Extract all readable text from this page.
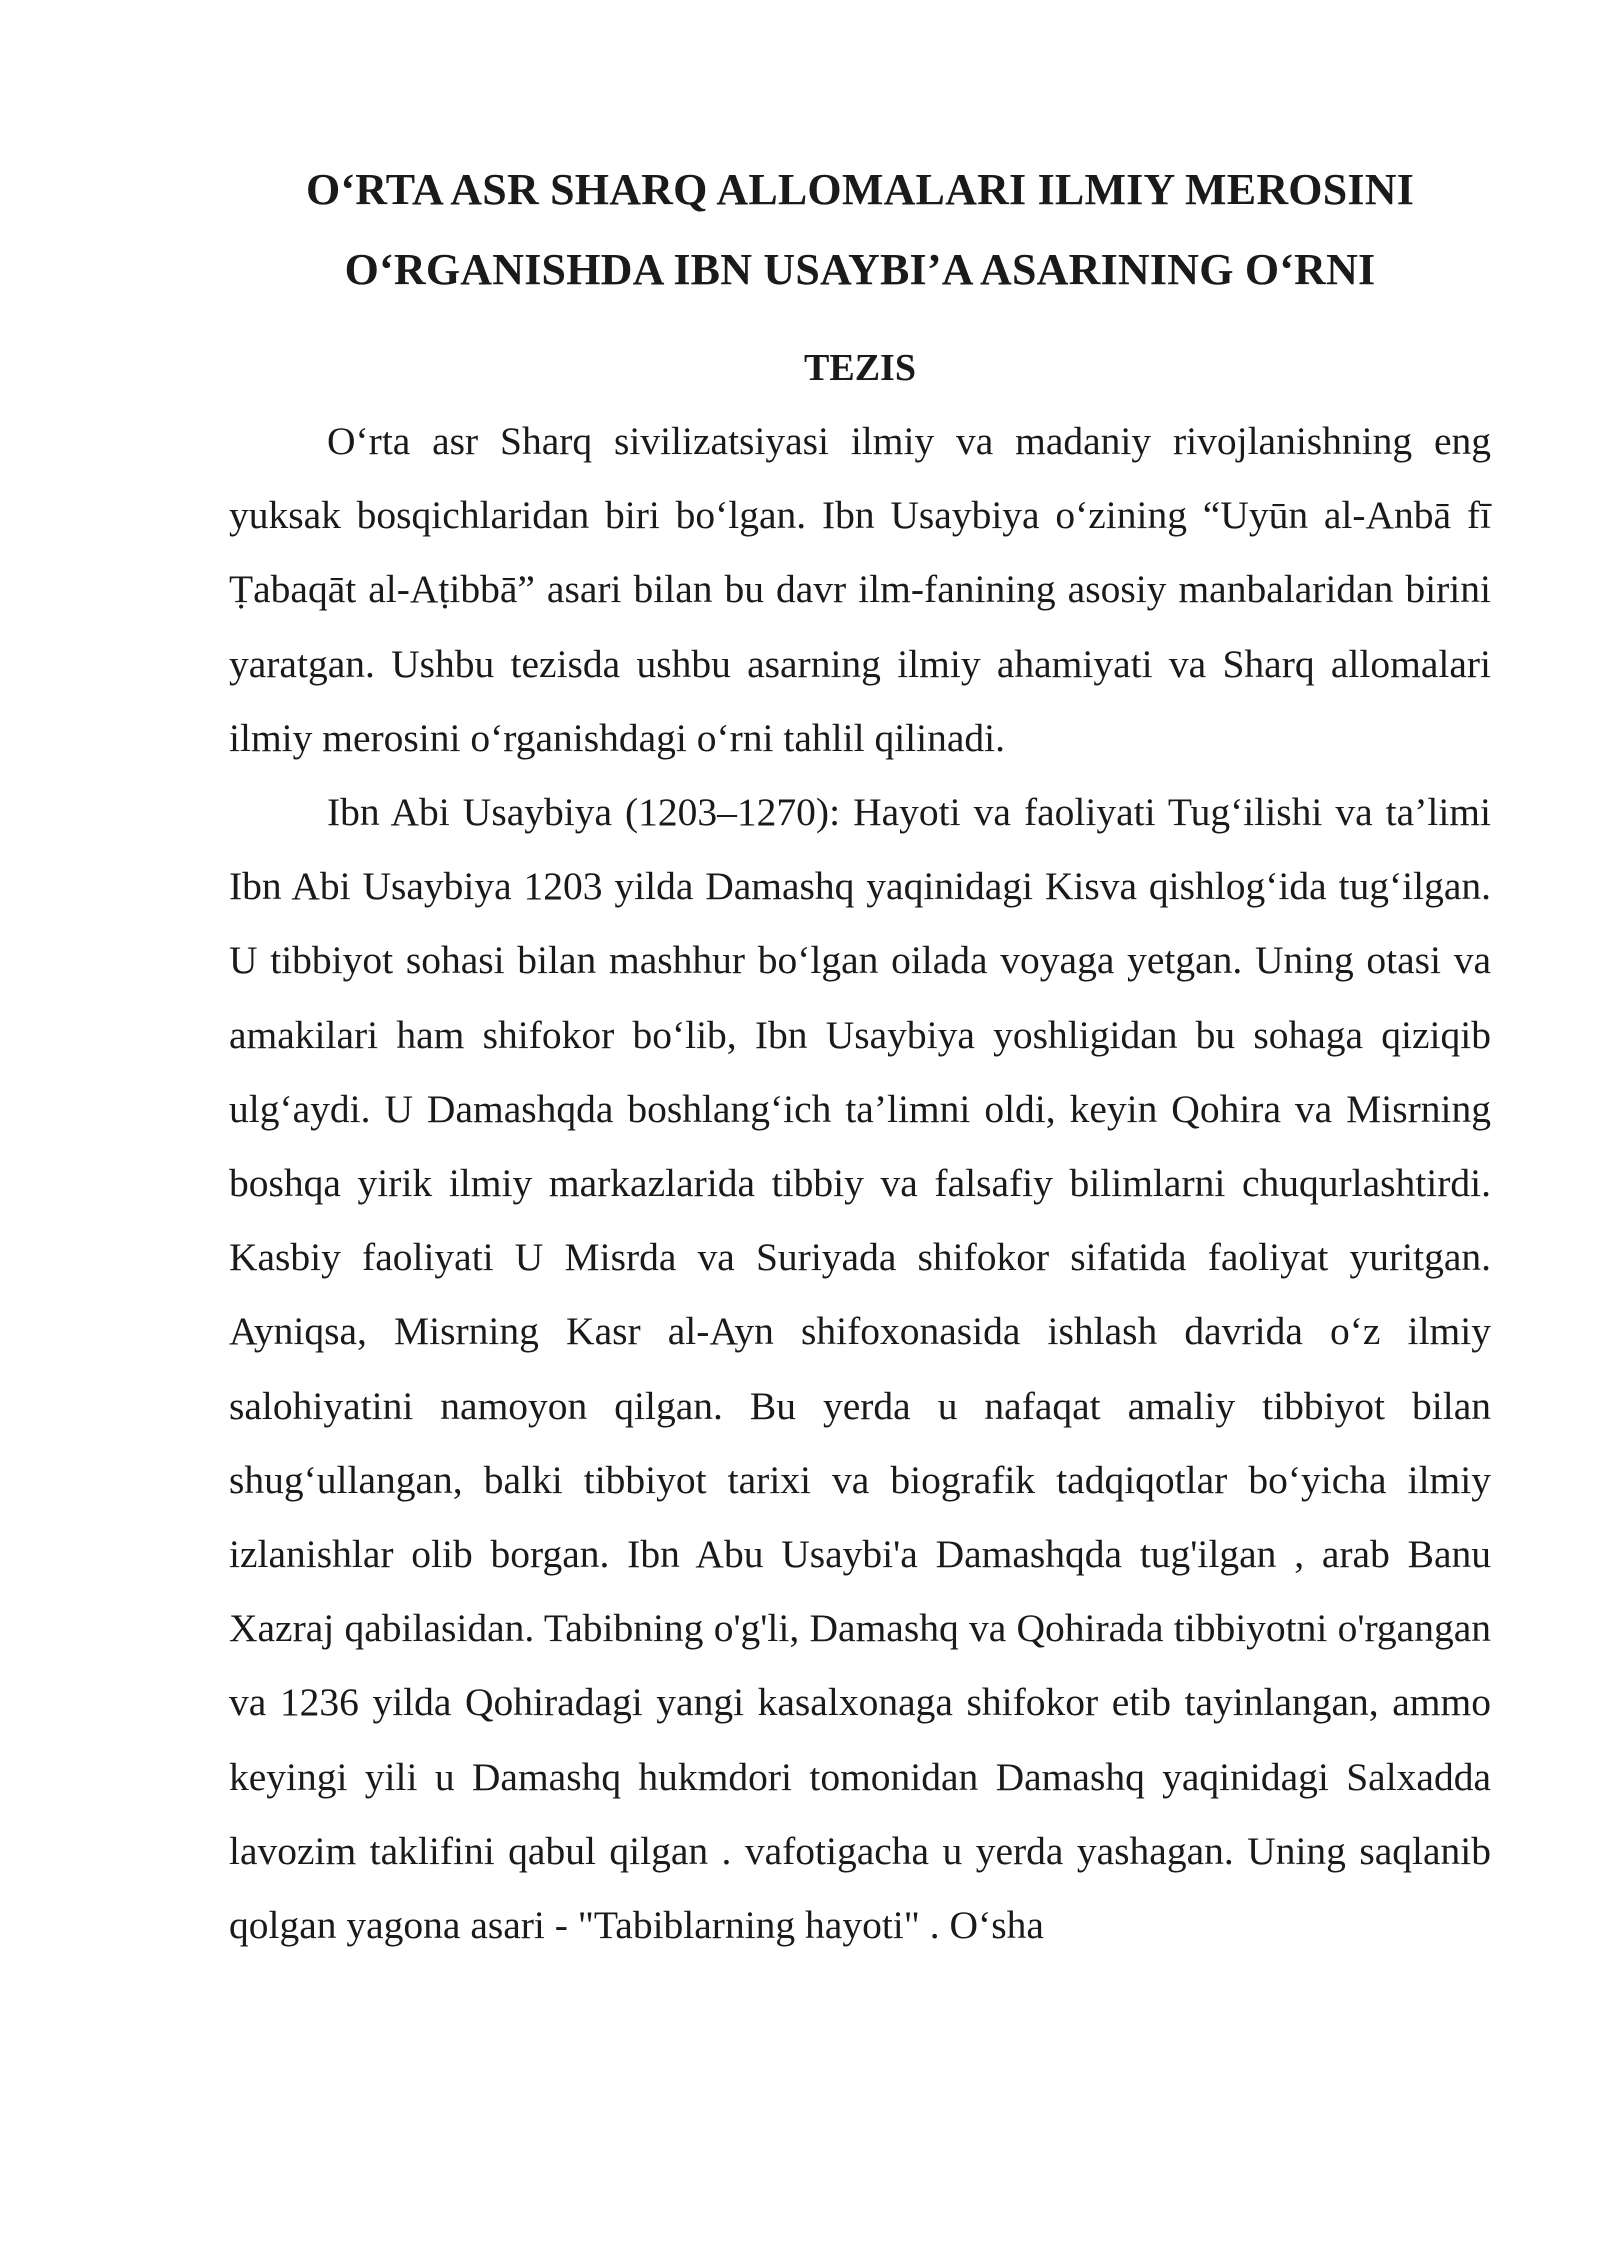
O‘RTA ASR SHARQ ALLOMALARI ILMIY MEROSINI
O‘RGANISHDA IBN USAYBI’A ASARINING O‘RNI
TEZIS

O‘rta asr Sharq sivilizatsiyasi ilmiy va madaniy rivojlanishning eng yuksak bosqichlaridan biri bo‘lgan. Ibn Usaybiya o‘zining “Uyūn al-Anbā fī Ṭabaqāt al-Aṭibbā” asari bilan bu davr ilm-fanining asosiy manbalaridan birini yaratgan. Ushbu tezisda ushbu asarning ilmiy ahamiyati va Sharq allomalari ilmiy merosini o‘rganishdagi o‘rni tahlil qilinadi.

Ibn Abi Usaybiya (1203–1270): Hayoti va faoliyati Tug‘ilishi va ta’limi Ibn Abi Usaybiya 1203 yilda Damashq yaqinidagi Kisva qishlog‘ida tug‘ilgan. U tibbiyot sohasi bilan mashhur bo‘lgan oilada voyaga yetgan. Uning otasi va amakilari ham shifokor bo‘lib, Ibn Usaybiya yoshligidan bu sohaga qiziqib ulg‘aydi. U Damashqda boshlang‘ich ta’limni oldi, keyin Qohira va Misrning boshqa yirik ilmiy markazlarida tibbiy va falsafiy bilimlarni chuqurlashtirdi. Kasbiy faoliyati U Misrda va Suriyada shifokor sifatida faoliyat yuritgan. Ayniqsa, Misrning Kasr al-Ayn shifoxonasida ishlash davrida o‘z ilmiy salohiyatini namoyon qilgan. Bu yerda u nafaqat amaliy tibbiyot bilan shug‘ullangan, balki tibbiyot tarixi va biografik tadqiqotlar bo‘yicha ilmiy izlanishlar olib borgan. Ibn Abu Usaybi'a Damashqda tug'ilgan , arab Banu Xazraj qabilasidan. Tabibning o'g'li, Damashq va Qohirada tibbiyotni o'rgangan va 1236 yilda Qohiradagi yangi kasalxonaga shifokor etib tayinlangan, ammo keyingi yili u Damashq hukmdori tomonidan Damashq yaqinidagi Salxadda lavozim taklifini qabul qilgan . vafotigacha u yerda yashagan. Uning saqlanib qolgan yagona asari - "Tabiblarning hayoti" . O‘sha
